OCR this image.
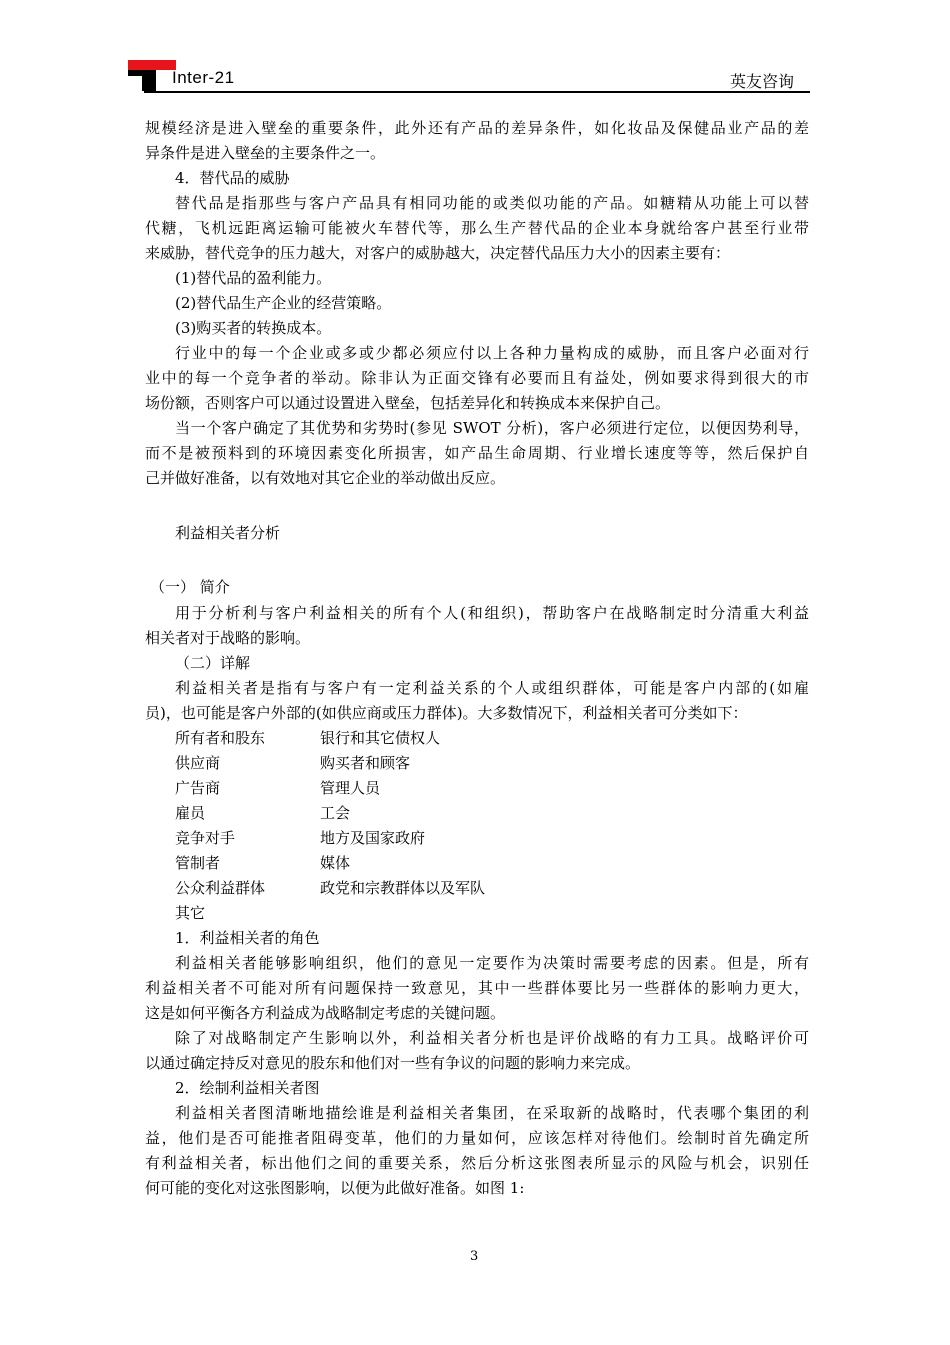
Inter-21	英友咨询
规模经济是进入壁垒的重要条件，此外还有产品的差异条件，如化妆品及保健品业产品的差
异条件是进入壁垒的主要条件之一。
4．替代品的威胁
替代品是指那些与客户产品具有相同功能的或类似功能的产品。如糖精从功能上可以替
代糖，飞机远距离运输可能被火车替代等，那么生产替代品的企业本身就给客户甚至行业带
来威胁，替代竞争的压力越大，对客户的威胁越大，决定替代品压力大小的因素主要有：
(1)替代品的盈利能力。
(2)替代品生产企业的经营策略。
(3)购买者的转换成本。
行业中的每一个企业或多或少都必须应付以上各种力量构成的威胁，而且客户必面对行
业中的每一个竞争者的举动。除非认为正面交锋有必要而且有益处，例如要求得到很大的市
场份额，否则客户可以通过设置进入壁垒，包括差异化和转换成本来保护自己。
当一个客户确定了其优势和劣势时(参见 SWOT 分析)，客户必须进行定位，以便因势利导，
而不是被预料到的环境因素变化所损害，如产品生命周期、行业增长速度等等，然后保护自
己并做好准备，以有效地对其它企业的举动做出反应。
利益相关者分析
（一） 简介
用于分析利与客户利益相关的所有个人(和组织)，帮助客户在战略制定时分清重大利益
相关者对于战略的影响。
（二）详解
利益相关者是指有与客户有一定利益关系的个人或组织群体，可能是客户内部的(如雇
员)，也可能是客户外部的(如供应商或压力群体)。大多数情况下，利益相关者可分类如下：
所有者和股东	银行和其它债权人
供应商	购买者和顾客
广告商	管理人员
雇员	工会
竞争对手	地方及国家政府
管制者	媒体
公众利益群体	政党和宗教群体以及军队
其它
1．利益相关者的角色
利益相关者能够影响组织，他们的意见一定要作为决策时需要考虑的因素。但是，所有
利益相关者不可能对所有问题保持一致意见，其中一些群体要比另一些群体的影响力更大，
这是如何平衡各方利益成为战略制定考虑的关键问题。
除了对战略制定产生影响以外，利益相关者分析也是评价战略的有力工具。战略评价可
以通过确定持反对意见的股东和他们对一些有争议的问题的影响力来完成。
2．绘制利益相关者图
利益相关者图清晰地描绘谁是利益相关者集团，在采取新的战略时，代表哪个集团的利
益，他们是否可能推者阻碍变革，他们的力量如何，应该怎样对待他们。绘制时首先确定所
有利益相关者，标出他们之间的重要关系，然后分析这张图表所显示的风险与机会，识别任
何可能的变化对这张图影响，以便为此做好准备。如图 1:
3
